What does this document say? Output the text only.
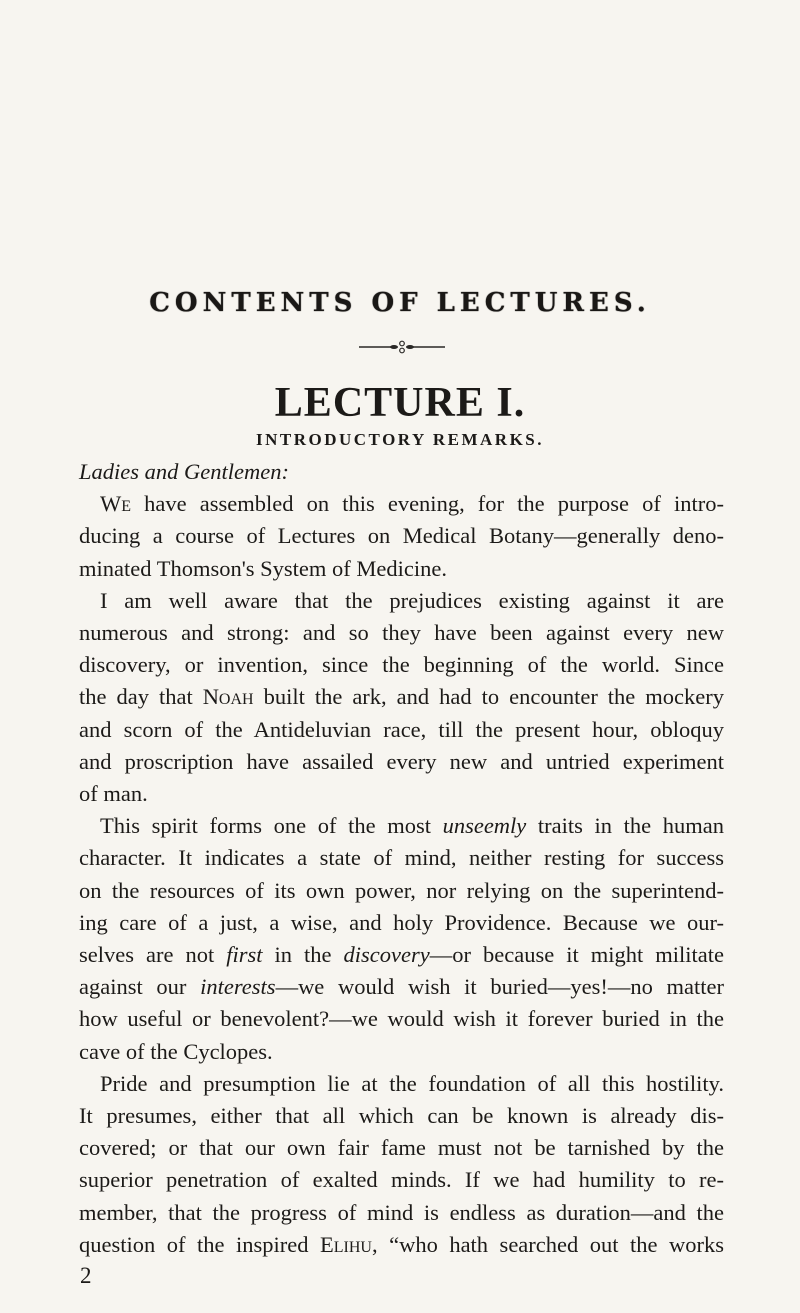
CONTENTS OF LECTURES.
LECTURE I.
INTRODUCTORY REMARKS.
Ladies and Gentlemen:
We have assembled on this evening, for the purpose of intro-
ducing a course of Lectures on Medical Botany—generally deno-
minated Thomson's System of Medicine.
I am well aware that the prejudices existing against it are
numerous and strong: and so they have been against every new
discovery, or invention, since the beginning of the world. Since
the day that Noah built the ark, and had to encounter the mockery
and scorn of the Antideluvian race, till the present hour, obloquy
and proscription have assailed every new and untried experiment
of man.
This spirit forms one of the most unseemly traits in the human
character. It indicates a state of mind, neither resting for success
on the resources of its own power, nor relying on the superintend-
ing care of a just, a wise, and holy Providence. Because we our-
selves are not first in the discovery—or because it might militate
against our interests—we would wish it buried—yes!—no matter
how useful or benevolent?—we would wish it forever buried in the
cave of the Cyclopes.
Pride and presumption lie at the foundation of all this hostility.
It presumes, either that all which can be known is already dis-
covered; or that our own fair fame must not be tarnished by the
superior penetration of exalted minds. If we had humility to re-
member, that the progress of mind is endless as duration—and the
question of the inspired Elihu, “who hath searched out the works
2
